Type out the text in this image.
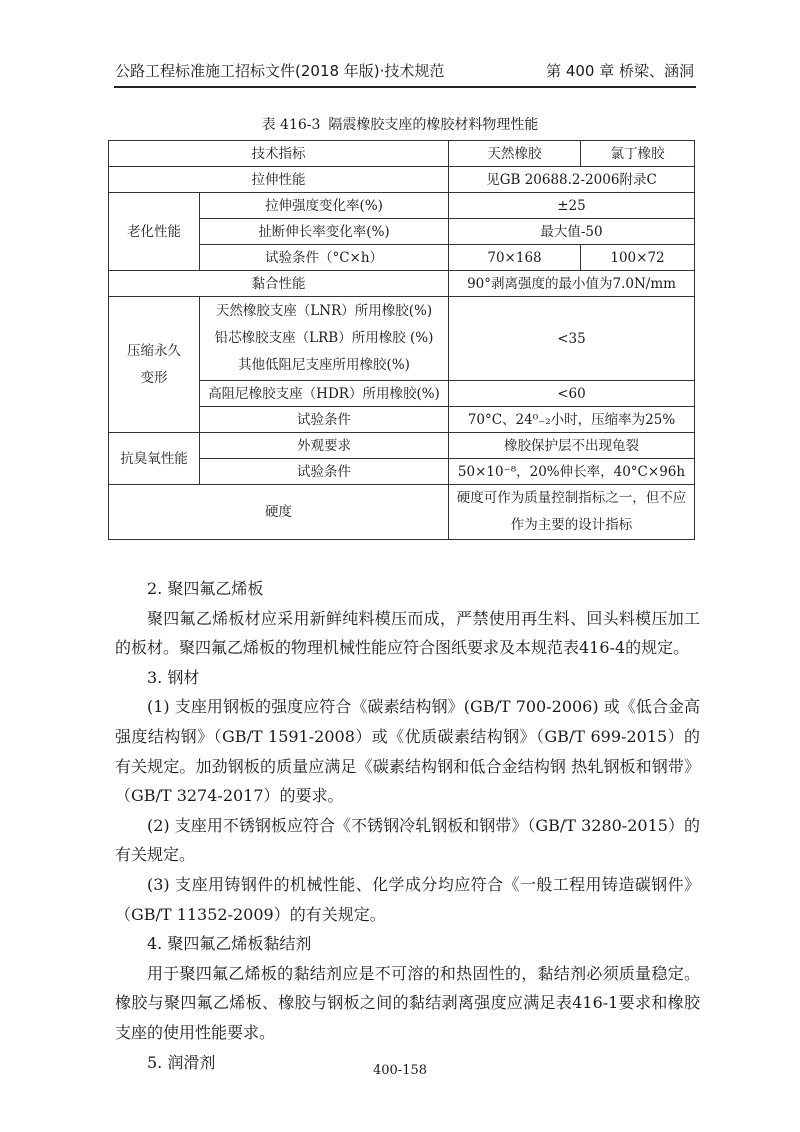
公路工程标准施工招标文件(2018 年版)·技术规范	第 400 章 桥梁、涵洞
表 416-3 隔震橡胶支座的橡胶材料物理性能
技术指标		天然橡胶	氯丁橡胶
拉伸性能		见GB 20688.2-2006附录C	
老化性能	拉伸强度变化率(%)	±25	
	扯断伸长率变化率(%)	最大值-50	
	试验条件（°C×h）	70×168	100×72
黏合性能		90°剥离强度的最小值为7.0N/mm	

压缩永久
变形	天然橡胶支座（LNR）所用橡胶(%)
铅芯橡胶支座（LRB）所用橡胶 (%)
其他低阻尼支座所用橡胶(%)	<35	
	高阻尼橡胶支座（HDR）所用橡胶(%)	<60	
	试验条件	70°C、24⁰₋₂小时，压缩率为25%	
抗臭氧性能	外观要求	橡胶保护层不出现龟裂	
	试验条件	50×10⁻⁸，20%伸长率，40°C×96h	
硬度		硬度可作为质量控制指标之一，但不应
作为主要的设计指标	

2. 聚四氟乙烯板

聚四氟乙烯板材应采用新鲜纯料模压而成，严禁使用再生料、回头料模压加工的板材。聚四氟乙烯板的物理机械性能应符合图纸要求及本规范表416-4的规定。

3. 钢材

(1) 支座用钢板的强度应符合《碳素结构钢》(GB/T 700-2006) 或《低合金高强度结构钢》（GB/T 1591-2008）或《优质碳素结构钢》（GB/T 699-2015）的有关规定。加劲钢板的质量应满足《碳素结构钢和低合金结构钢 热轧钢板和钢带》（GB/T 3274-2017）的要求。

(2) 支座用不锈钢板应符合《不锈钢冷轧钢板和钢带》（GB/T 3280-2015）的有关规定。

(3) 支座用铸钢件的机械性能、化学成分均应符合《一般工程用铸造碳钢件》（GB/T 11352-2009）的有关规定。

4. 聚四氟乙烯板黏结剂

用于聚四氟乙烯板的黏结剂应是不可溶的和热固性的，黏结剂必须质量稳定。橡胶与聚四氟乙烯板、橡胶与钢板之间的黏结剥离强度应满足表416-1要求和橡胶支座的使用性能要求。

5. 润滑剂	400-158
